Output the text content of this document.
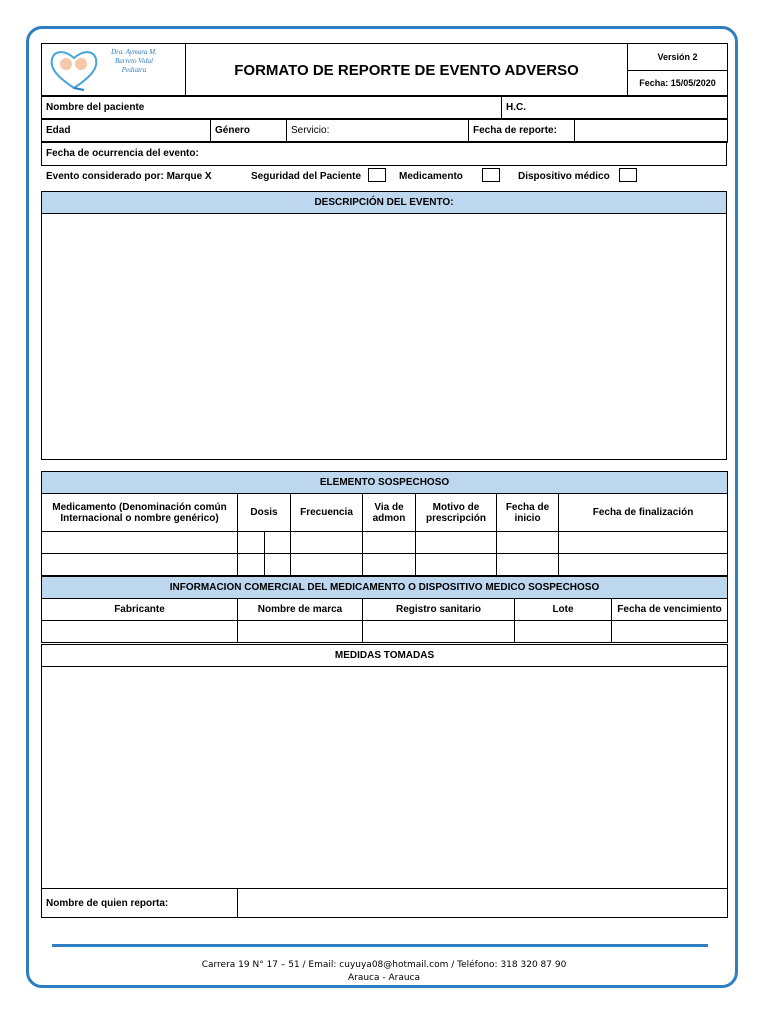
Dra. Aymara M.
Barreto Vidal
Pediatra	FORMATO DE REPORTE DE EVENTO ADVERSO	Versión 2
Fecha: 15/05/2020
Nombre del paciente	H.C.
Edad	Género	Servicio:	Fecha de reporte:	
Fecha de ocurrencia del evento:
Evento considerado por: Marque X	Seguridad del Paciente	Medicamento	Dispositivo médico
DESCRIPCIÓN DEL EVENTO:

ELEMENTO SOSPECHOSO							
Medicamento (Denominación común Internacional o nombre genérico)	Dosis		Frecuencia	Via de admon	Motivo de prescripción	Fecha de inicio	Fecha de finalización

INFORMACION COMERCIAL DEL MEDICAMENTO O DISPOSITIVO MEDICO SOSPECHOSO				
Fabricante	Nombre de marca	Registro sanitario	Lote	Fecha de vencimiento

MEDIDAS TOMADAS

Nombre de quien reporta:	
Carrera 19 N° 17 – 51 / Email: cuyuya08@hotmail.com / Teléfono: 318 320 87 90
Arauca - Arauca
